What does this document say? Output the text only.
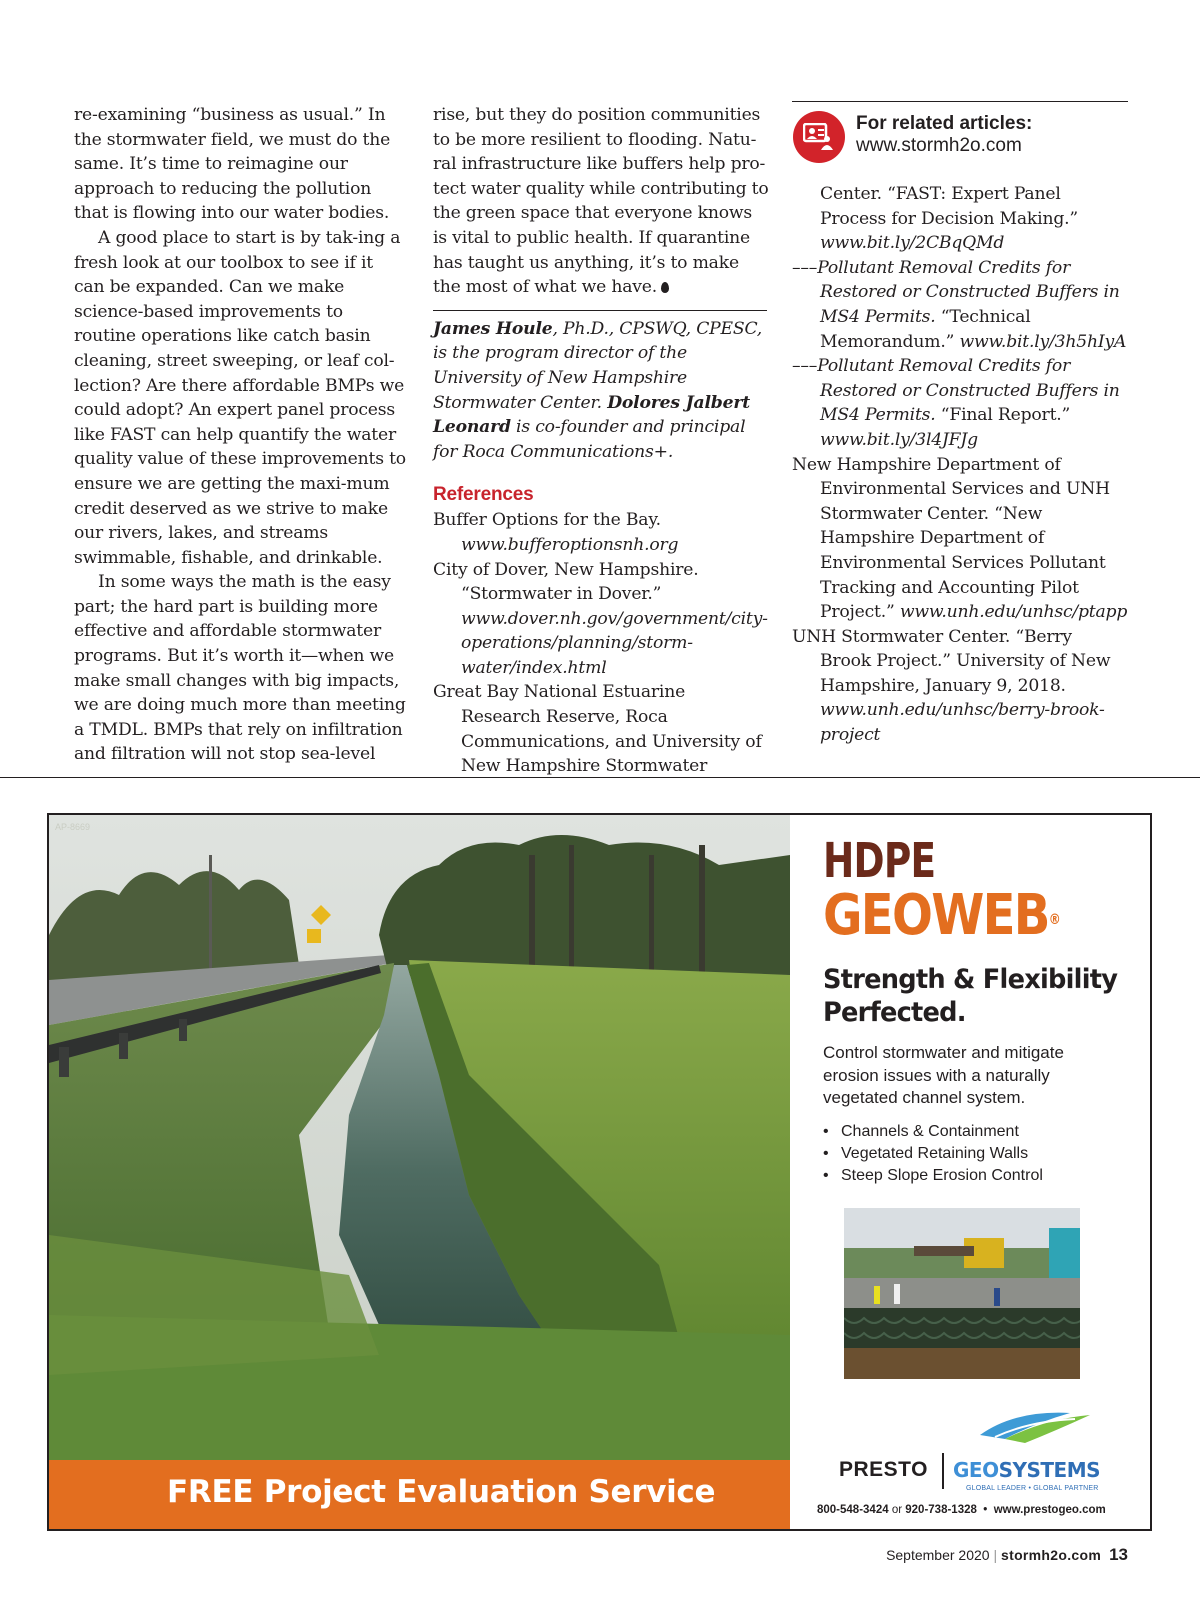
re-examining “business as usual.” In the stormwater field, we must do the same. It’s time to reimagine our approach to reducing the pollution that is flowing into our water bodies.

A good place to start is by tak-ing a fresh look at our toolbox to see if it can be expanded. Can we make science-based improvements to routine operations like catch basin cleaning, street sweeping, or leaf col-lection? Are there affordable BMPs we could adopt? An expert panel process like FAST can help quantify the water quality value of these improvements to ensure we are getting the maxi-mum credit deserved as we strive to make our rivers, lakes, and streams swimmable, fishable, and drinkable.

In some ways the math is the easy part; the hard part is building more effective and affordable stormwater programs. But it’s worth it—when we make small changes with big impacts, we are doing much more than meeting a TMDL. BMPs that rely on infiltration and filtration will not stop sea-level

rise, but they do position communities to be more resilient to flooding. Natu-ral infrastructure like buffers help pro-tect water quality while contributing to the green space that everyone knows is vital to public health. If quarantine has taught us anything, it’s to make the most of what we have.

James Houle, Ph.D., CPSWQ, CPESC, is the program director of the University of New Hampshire Stormwater Center. Dolores Jalbert Leonard is co-founder and principal for Roca Communications+.

References

Buffer Options for the Bay. www.bufferoptionsnh.org

City of Dover, New Hampshire. “Stormwater in Dover.” www.dover.nh.gov/government/city-operations/planning/storm-water/index.html

Great Bay National Estuarine Research Reserve, Roca Communications, and University of New Hampshire Stormwater

For related articles:
www.stormh2o.com

Center. “FAST: Expert Panel Process for Decision Making.” www.bit.ly/2CBqQMd

–––Pollutant Removal Credits for Restored or Constructed Buffers in MS4 Permits. “Technical Memorandum.” www.bit.ly/3h5hIyA

–––Pollutant Removal Credits for Restored or Constructed Buffers in MS4 Permits. “Final Report.” www.bit.ly/3l4JFJg

New Hampshire Department of Environmental Services and UNH Stormwater Center. “New Hampshire Department of Environmental Services Pollutant Tracking and Accounting Pilot Project.” www.unh.edu/unhsc/ptapp

UNH Stormwater Center. “Berry Brook Project.” University of New Hampshire, January 9, 2018. www.unh.edu/unhsc/berry-brook-project

AP-8669
FREE Project Evaluation Service
HDPE
GEOWEB®
Strength & Flexibility
Perfected.
Control stormwater and mitigate erosion issues with a naturally vegetated channel system.
• Channels & Containment
• Vegetated Retaining Walls
• Steep Slope Erosion Control
PRESTO GEOSYSTEMS
GLOBAL LEADER • GLOBAL PARTNER
800-548-3424 or 920-738-1328 • www.prestogeo.com
September 2020 | stormh2o.com 13
